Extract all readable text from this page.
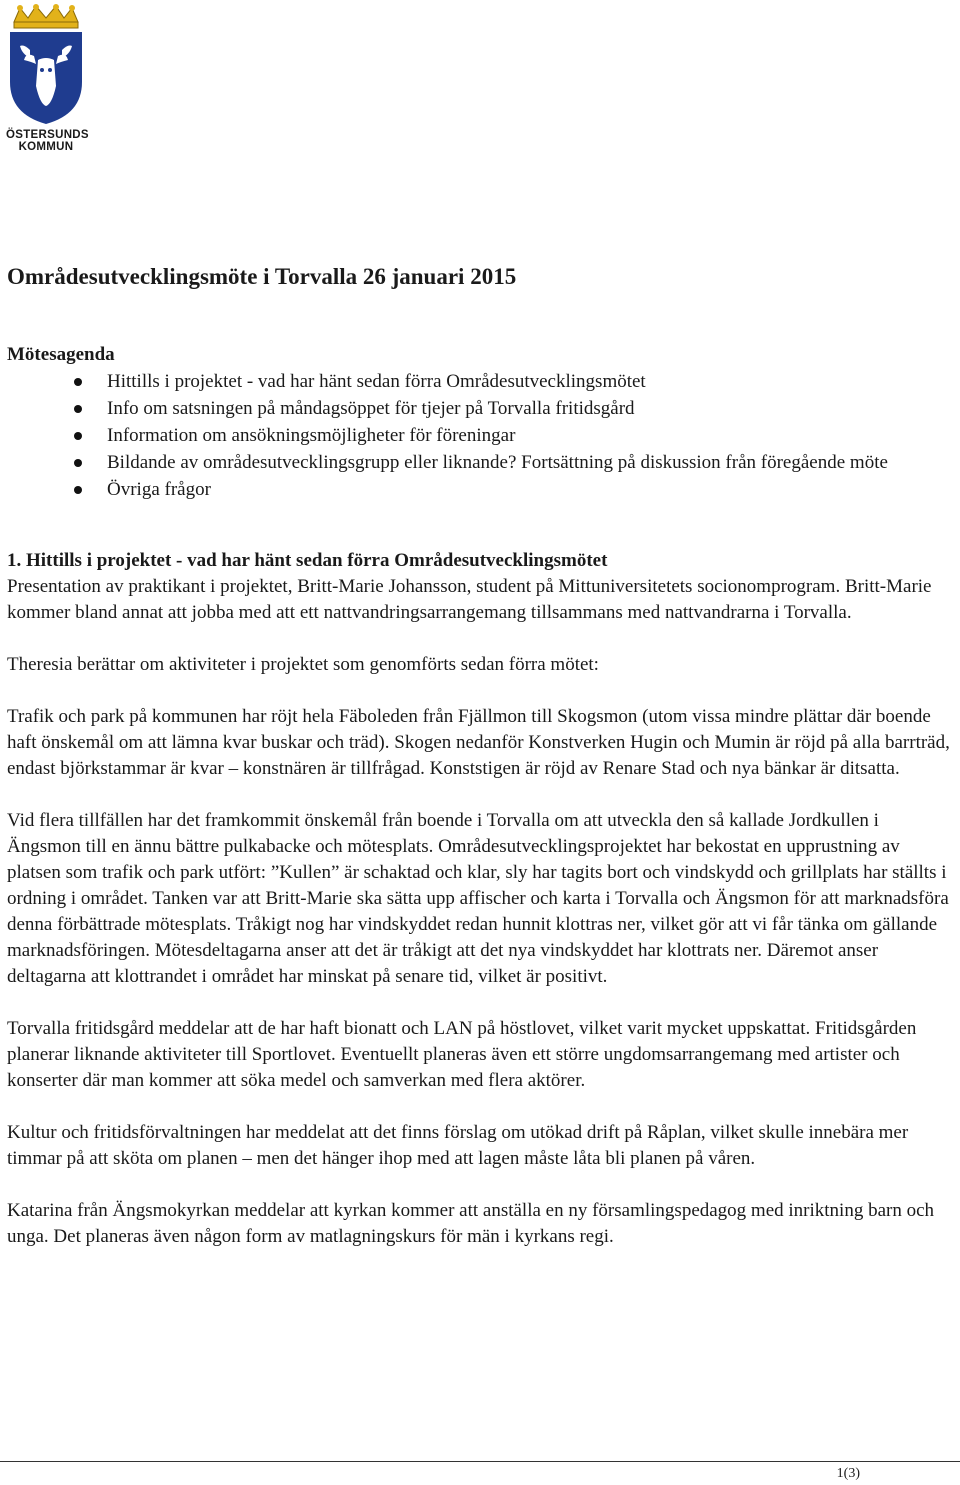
ÖSTERSUNDS
KOMMUN
Områdesutvecklingsmöte i Torvalla 26 januari 2015
Mötesagenda
Hittills i projektet - vad har hänt sedan förra Områdesutvecklingsmötet
Info om satsningen på måndagsöppet för tjejer på Torvalla fritidsgård
Information om ansökningsmöjligheter för föreningar
Bildande av områdesutvecklingsgrupp eller liknande? Fortsättning på diskussion från föregående möte
Övriga frågor
1. Hittills i projektet - vad har hänt sedan förra Områdesutvecklingsmötet

Presentation av praktikant i projektet, Britt-Marie Johansson, student på Mittuniversitetets socionomprogram. Britt-Marie kommer bland annat att jobba med att ett nattvandringsarrangemang tillsammans med nattvandrarna i Torvalla.

Theresia berättar om aktiviteter i projektet som genomförts sedan förra mötet:

Trafik och park på kommunen har röjt hela Fäboleden från Fjällmon till Skogsmon (utom vissa mindre plättar där boende haft önskemål om att lämna kvar buskar och träd). Skogen nedanför Konstverken Hugin och Mumin är röjd på alla barrträd, endast björkstammar är kvar – konstnären är tillfrågad. Konststigen är röjd av Renare Stad och nya bänkar är ditsatta.

Vid flera tillfällen har det framkommit önskemål från boende i Torvalla om att utveckla den så kallade Jordkullen i Ängsmon till en ännu bättre pulkabacke och mötesplats. Områdesutvecklingsprojektet har bekostat en upprustning av platsen som trafik och park utfört: ”Kullen” är schaktad och klar, sly har tagits bort och vindskydd och grillplats har ställts i ordning i området. Tanken var att Britt-Marie ska sätta upp affischer och karta i Torvalla och Ängsmon för att marknadsföra denna förbättrade mötesplats. Tråkigt nog har vindskyddet redan hunnit klottras ner, vilket gör att vi får tänka om gällande marknadsföringen. Mötesdeltagarna anser att det är tråkigt att det nya vindskyddet har klottrats ner. Däremot anser deltagarna att klottrandet i området har minskat på senare tid, vilket är positivt.

Torvalla fritidsgård meddelar att de har haft bionatt och LAN på höstlovet, vilket varit mycket uppskattat. Fritidsgården planerar liknande aktiviteter till Sportlovet. Eventuellt planeras även ett större ungdomsarrangemang med artister och konserter där man kommer att söka medel och samverkan med flera aktörer.

Kultur och fritidsförvaltningen har meddelat att det finns förslag om utökad drift på Råplan, vilket skulle innebära mer timmar på att sköta om planen – men det hänger ihop med att lagen måste låta bli planen på våren.

Katarina från Ängsmokyrkan meddelar att kyrkan kommer att anställa en ny församlingspedagog med inriktning barn och unga. Det planeras även någon form av matlagningskurs för män i kyrkans regi.

1(3)
